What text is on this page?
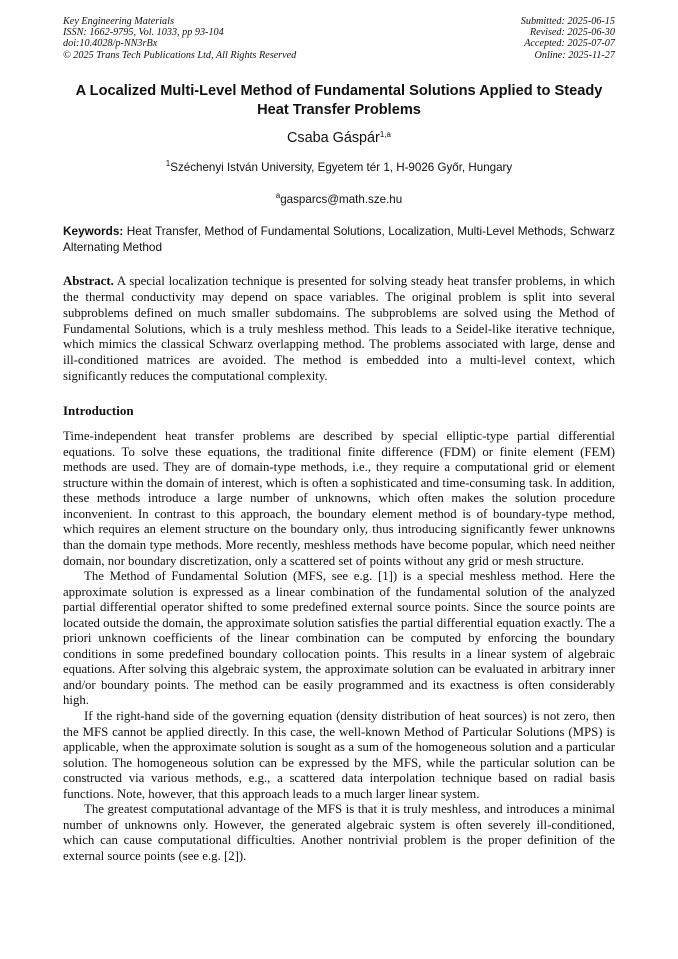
Key Engineering Materials
ISSN: 1662-9795, Vol. 1033, pp 93-104
doi:10.4028/p-NN3rBx
© 2025 Trans Tech Publications Ltd, All Rights Reserved
Submitted: 2025-06-15
Revised: 2025-06-30
Accepted: 2025-07-07
Online: 2025-11-27
A Localized Multi-Level Method of Fundamental Solutions Applied to Steady Heat Transfer Problems
Csaba Gáspár$^{1,a}$
$^1$Széchenyi István University, Egyetem tér 1, H-9026 Győr, Hungary
$^a$gasparcs@math.sze.hu
Keywords: Heat Transfer, Method of Fundamental Solutions, Localization, Multi-Level Methods, Schwarz Alternating Method
Abstract. A special localization technique is presented for solving steady heat transfer problems, in which the thermal conductivity may depend on space variables. The original problem is split into several subproblems defined on much smaller subdomains. The subproblems are solved using the Method of Fundamental Solutions, which is a truly meshless method. This leads to a Seidel-like iterative technique, which mimics the classical Schwarz overlapping method. The problems associated with large, dense and ill-conditioned matrices are avoided. The method is embedded into a multi-level context, which significantly reduces the computational complexity.
Introduction

Time-independent heat transfer problems are described by special elliptic-type partial differential equations. To solve these equations, the traditional finite difference (FDM) or finite element (FEM) methods are used. They are of domain-type methods, i.e., they require a computational grid or element structure within the domain of interest, which is often a sophisticated and time-consuming task. In addition, these methods introduce a large number of unknowns, which often makes the solution procedure inconvenient. In contrast to this approach, the boundary element method is of boundary-type method, which requires an element structure on the boundary only, thus introducing significantly fewer unknowns than the domain type methods. More recently, meshless methods have become popular, which need neither domain, nor boundary discretization, only a scattered set of points without any grid or mesh structure.

The Method of Fundamental Solution (MFS, see e.g. [1]) is a special meshless method. Here the approximate solution is expressed as a linear combination of the fundamental solution of the analyzed partial differential operator shifted to some predefined external source points. Since the source points are located outside the domain, the approximate solution satisfies the partial differential equation exactly. The a priori unknown coefficients of the linear combination can be computed by enforcing the boundary conditions in some predefined boundary collocation points. This results in a linear system of algebraic equations. After solving this algebraic system, the approximate solution can be evaluated in arbitrary inner and/or boundary points. The method can be easily programmed and its exactness is often considerably high.

If the right-hand side of the governing equation (density distribution of heat sources) is not zero, then the MFS cannot be applied directly. In this case, the well-known Method of Particular Solutions (MPS) is applicable, when the approximate solution is sought as a sum of the homogeneous solution and a particular solution. The homogeneous solution can be expressed by the MFS, while the particular solution can be constructed via various methods, e.g., a scattered data interpolation technique based on radial basis functions. Note, however, that this approach leads to a much larger linear system.

The greatest computational advantage of the MFS is that it is truly meshless, and introduces a minimal number of unknowns only. However, the generated algebraic system is often severely ill-conditioned, which can cause computational difficulties. Another nontrivial problem is the proper definition of the external source points (see e.g. [2]).
